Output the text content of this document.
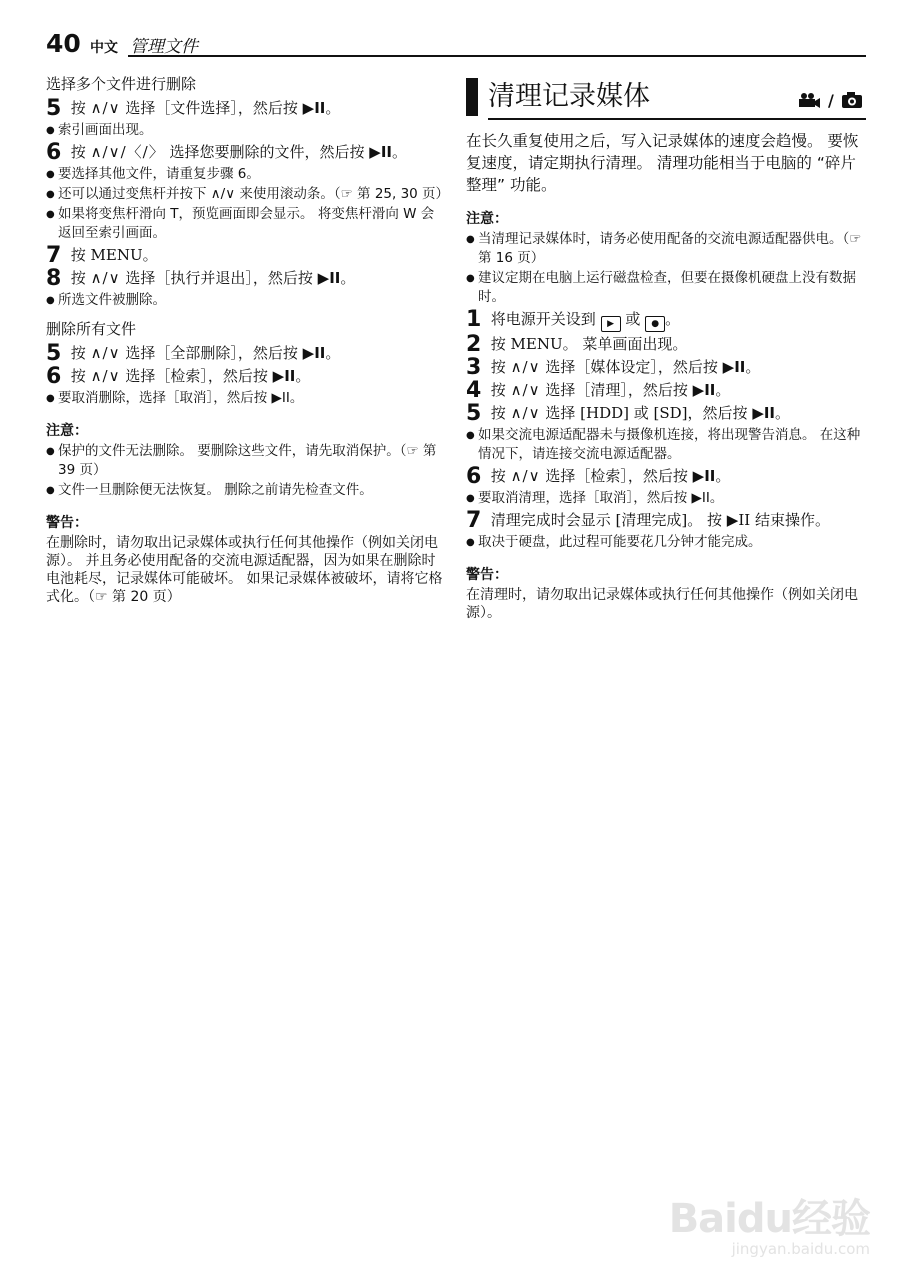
40 中文 管理文件
选择多个文件进行删除
5 按 ∧/∨ 选择［文件选择］，然后按 ▶II。
● 索引画面出现。
6 按 ∧/∨/〈/〉 选择您要删除的文件，然后按 ▶II。
● 要选择其他文件，请重复步骤 6。
● 还可以通过变焦杆并按下 ∧/∨ 来使用滚动条。（☞ 第 25, 30 页）
● 如果将变焦杆滑向 T，预览画面即会显示。 将变焦杆滑向 W 会返回至索引画面。
7 按 MENU。
8 按 ∧/∨ 选择［执行并退出］，然后按 ▶II。
● 所选文件被删除。
删除所有文件
5 按 ∧/∨ 选择［全部删除］，然后按 ▶II。
6 按 ∧/∨ 选择［检索］，然后按 ▶II。
● 要取消删除，选择［取消］，然后按 ▶II。
注意：
● 保护的文件无法删除。 要删除这些文件，请先取消保护。（☞ 第 39 页）
● 文件一旦删除便无法恢复。 删除之前请先检查文件。
警告：

在删除时，请勿取出记录媒体或执行任何其他操作（例如关闭电源）。 并且务必使用配备的交流电源适配器，因为如果在删除时电池耗尽，记录媒体可能破坏。 如果记录媒体被破坏，请将它格式化。（☞ 第 20 页）

清理记录媒体	/

在长久重复使用之后，写入记录媒体的速度会趋慢。 要恢复速度，请定期执行清理。 清理功能相当于电脑的 “碎片整理” 功能。

注意：
● 当清理记录媒体时，请务必使用配备的交流电源适配器供电。（☞ 第 16 页）
● 建议定期在电脑上运行磁盘检查，但要在摄像机硬盘上没有数据时。
1 将电源开关设到 ▶ 或 ● 。
2 按 MENU。 菜单画面出现。
3 按 ∧/∨ 选择［媒体设定］，然后按 ▶II。
4 按 ∧/∨ 选择［清理］，然后按 ▶II。
5 按 ∧/∨ 选择 [HDD] 或 [SD]，然后按 ▶II。
● 如果交流电源适配器未与摄像机连接，将出现警告消息。 在这种情况下，请连接交流电源适配器。
6 按 ∧/∨ 选择［检索］，然后按 ▶II。
● 要取消清理，选择［取消］，然后按 ▶II。
7 清理完成时会显示 [清理完成]。 按 ▶II 结束操作。
● 取决于硬盘，此过程可能要花几分钟才能完成。
警告：

在清理时，请勿取出记录媒体或执行任何其他操作（例如关闭电源）。

Baidu经验
jingyan.baidu.com
